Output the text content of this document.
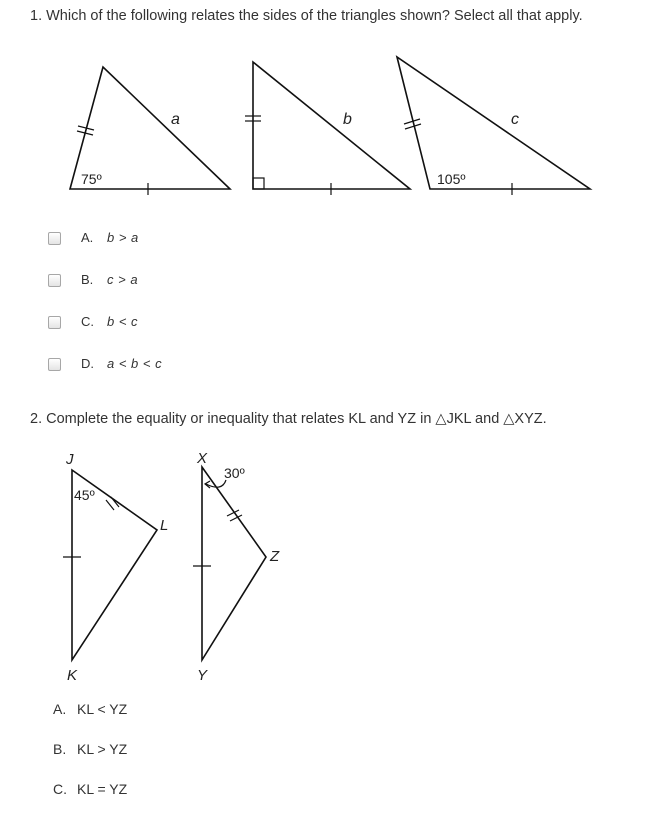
1. Which of the following relates the sides of the triangles shown? Select all that apply.
a	b	c
75º	105º
A.	b > a
B.	c > a
C.	b < c
D.	a < b < c
2. Complete the equality or inequality that relates KL and YZ in △JKL and △XYZ.
J
K
L
45º
X
Y
Z
30º
A. KL < YZ
B. KL > YZ
C. KL = YZ
